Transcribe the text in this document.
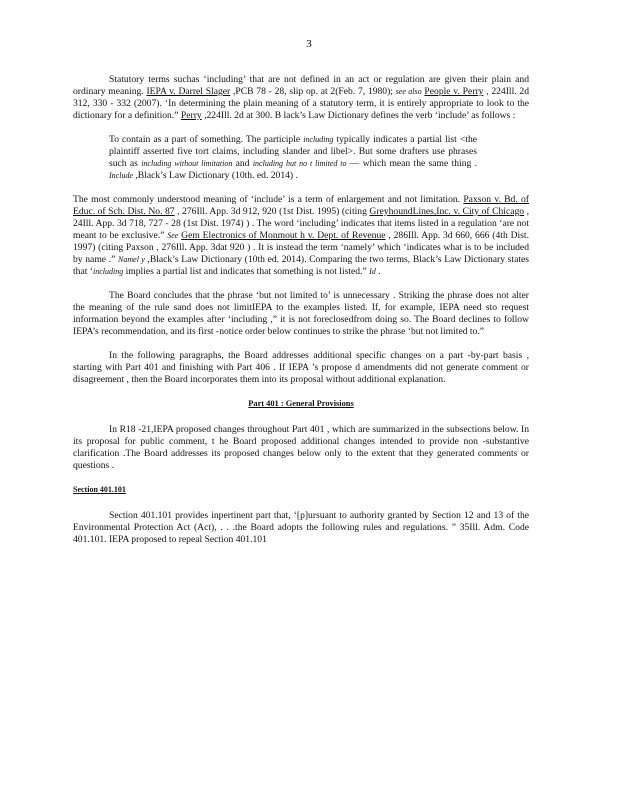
3

Statutory terms suchas ‘including’ that are not defined in an act or regulation are given their plain and ordinary meaning. IEPA v. Darrel Slager ,PCB 78 - 28, slip op. at 2(Feb. 7, 1980); see also People v. Perry , 224Ill. 2d 312, 330 - 332 (2007). ‘In determining the plain meaning of a statutory term, it is entirely appropriate to look to the dictionary for a definition.” Perry ,224Ill. 2d at 300. B lack’s Law Dictionary defines the verb ‘include’ as follows :

To contain as a part of something. The participle including typically indicates a partial list <the plaintiff asserted five tort claims, including slander and libel>. But some drafters use phrases such as including without limitation and including but no t limited to — which mean the same thing . Include ,Black’s Law Dictionary (10th. ed. 2014) .

The most commonly understood meaning of ‘include’ is a term of enlargement and not limitation. Paxson v. Bd. of Educ. of Sch. Dist. No. 87 , 276Ill. App. 3d 912, 920 (1st Dist. 1995) (citing GreyhoundLines,Inc. v. City of Chicago , 24Ill. App. 3d 718, 727 - 28 (1st Dist. 1974) ) . The word ‘including’ indicates that items listed in a regulation ‘are not meant to be exclusive.” See Gem Electronics of Monmout h v. Dept. of Revenue , 286Ill. App. 3d 660, 666 (4th Dist. 1997) (citing Paxson , 276Ill. App. 3dat 920 ) . It is instead the term ‘namely’ which ‘indicates what is to be included by name .” Namel y ,Black’s Law Dictionary (10th ed. 2014). Comparing the two terms, Black’s Law Dictionary states that ‘including implies a partial list and indicates that something is not listed.” Id .

The Board concludes that the phrase ‘but not limited to’ is unnecessary . Striking the phrase does not alter the meaning of the rule sand does not limitIEPA to the examples listed. If, for example, IEPA need sto request information beyond the examples after ‘including ,” it is not foreclosedfrom doing so. The Board declines to follow IEPA’s recommendation, and its first -notice order below continues to strike the phrase ‘but not limited to.”

In the following paragraphs, the Board addresses additional specific changes on a part -by-part basis , starting with Part 401 and finishing with Part 406 . If IEPA ’s propose d amendments did not generate comment or disagreement , then the Board incorporates them into its proposal without additional explanation.

Part 401 : General Provisions

In R18 -21,IEPA proposed changes throughout Part 401 , which are summarized in the subsections below. In its proposal for public comment, t he Board proposed additional changes intended to provide non -substantive clarification .The Board addresses its proposed changes below only to the extent that they generated comments or questions .

Section 401.101

Section 401.101 provides inpertinent part that, ‘[p]ursuant to authority granted by Section 12 and 13 of the Environmental Protection Act (Act), . . .the Board adopts the following rules and regulations. ” 35Ill. Adm. Code 401.101. IEPA proposed to repeal Section 401.101
